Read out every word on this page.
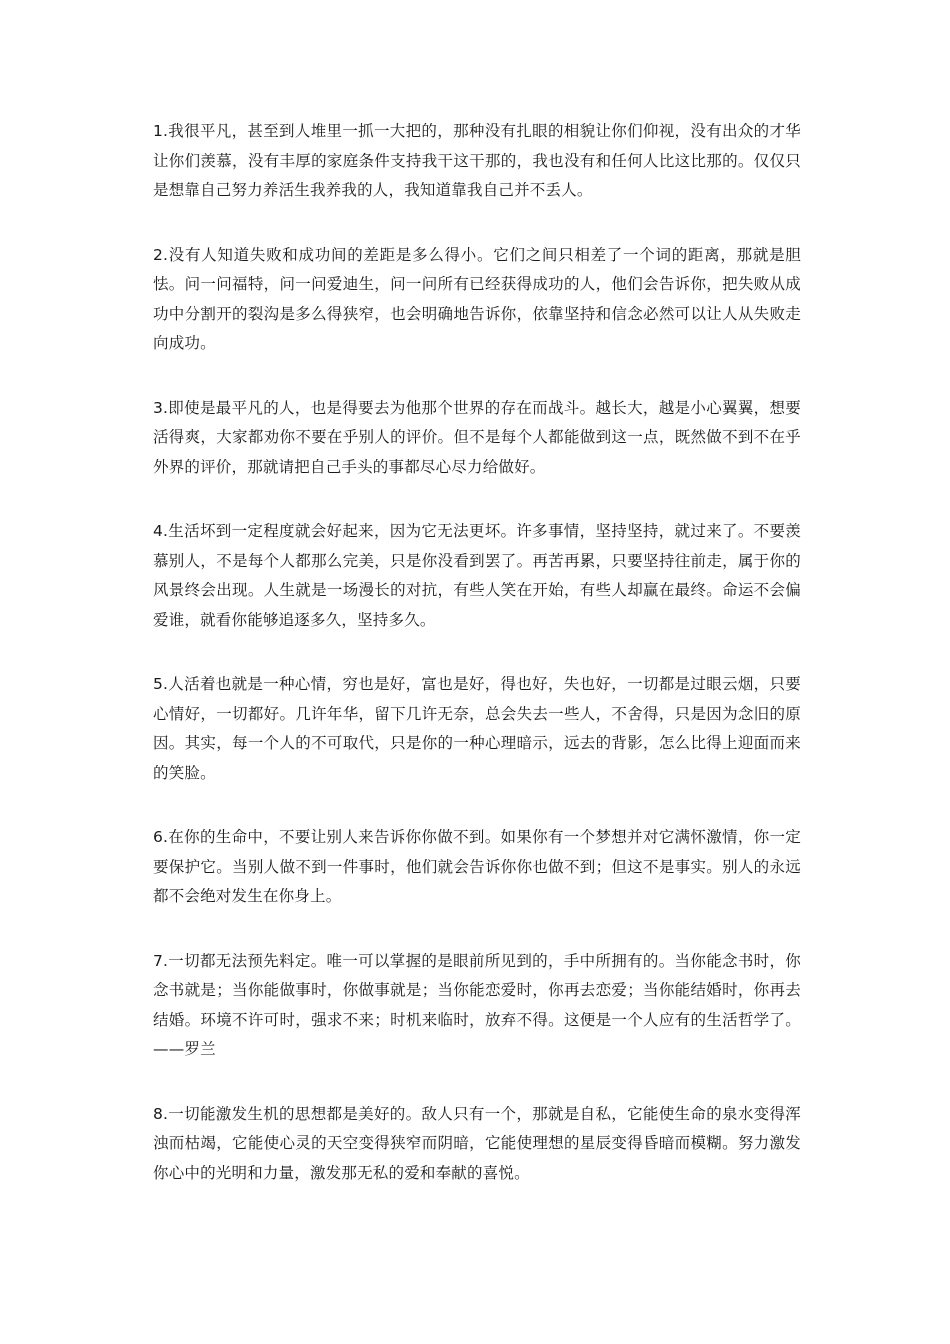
1.我很平凡，甚至到人堆里一抓一大把的，那种没有扎眼的相貌让你们仰视，没有出众的才华让你们羡慕，没有丰厚的家庭条件支持我干这干那的，我也没有和任何人比这比那的。仅仅只是想靠自己努力养活生我养我的人，我知道靠我自己并不丢人。

2.没有人知道失败和成功间的差距是多么得小。它们之间只相差了一个词的距离，那就是胆怯。问一问福特，问一问爱迪生，问一问所有已经获得成功的人，他们会告诉你，把失败从成功中分割开的裂沟是多么得狭窄，也会明确地告诉你，依靠坚持和信念必然可以让人从失败走向成功。

3.即使是最平凡的人，也是得要去为他那个世界的存在而战斗。越长大，越是小心翼翼，想要活得爽，大家都劝你不要在乎别人的评价。但不是每个人都能做到这一点，既然做不到不在乎外界的评价，那就请把自己手头的事都尽心尽力给做好。

4.生活坏到一定程度就会好起来，因为它无法更坏。许多事情，坚持坚持，就过来了。不要羡慕别人，不是每个人都那么完美，只是你没看到罢了。再苦再累，只要坚持往前走，属于你的风景终会出现。人生就是一场漫长的对抗，有些人笑在开始，有些人却赢在最终。命运不会偏爱谁，就看你能够追逐多久，坚持多久。

5.人活着也就是一种心情，穷也是好，富也是好，得也好，失也好，一切都是过眼云烟，只要心情好，一切都好。几许年华，留下几许无奈，总会失去一些人，不舍得，只是因为念旧的原因。其实，每一个人的不可取代，只是你的一种心理暗示，远去的背影，怎么比得上迎面而来的笑脸。

6.在你的生命中，不要让别人来告诉你你做不到。如果你有一个梦想并对它满怀激情，你一定要保护它。当别人做不到一件事时，他们就会告诉你你也做不到；但这不是事实。别人的永远都不会绝对发生在你身上。

7.一切都无法预先料定。唯一可以掌握的是眼前所见到的，手中所拥有的。当你能念书时，你念书就是；当你能做事时，你做事就是；当你能恋爱时，你再去恋爱；当你能结婚时，你再去结婚。环境不许可时，强求不来；时机来临时，放弃不得。这便是一个人应有的生活哲学了。——罗兰

8.一切能激发生机的思想都是美好的。敌人只有一个，那就是自私，它能使生命的泉水变得浑浊而枯竭，它能使心灵的天空变得狭窄而阴暗，它能使理想的星辰变得昏暗而模糊。努力激发你心中的光明和力量，激发那无私的爱和奉献的喜悦。
